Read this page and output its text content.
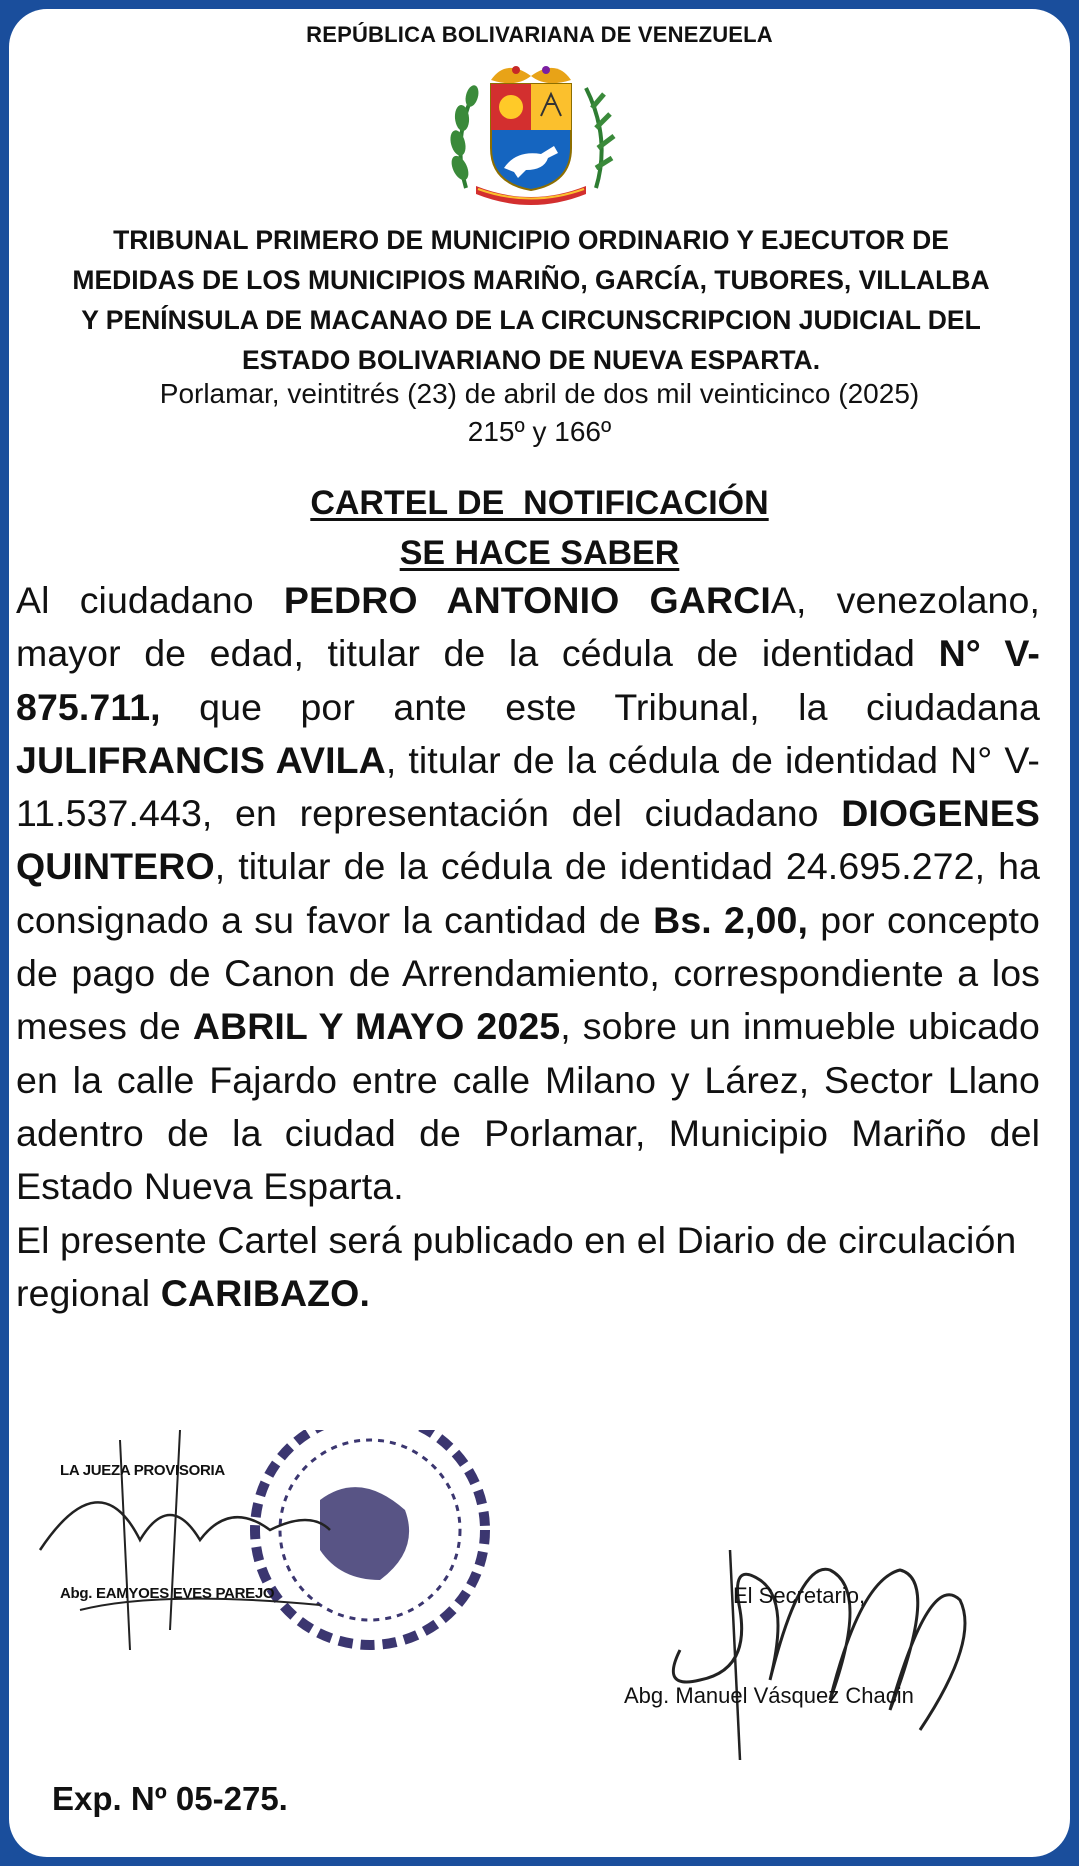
REPÚBLICA BOLIVARIANA DE VENEZUELA
TRIBUNAL PRIMERO DE MUNICIPIO ORDINARIO Y EJECUTOR DE
MEDIDAS DE LOS MUNICIPIOS MARIÑO, GARCÍA, TUBORES, VILLALBA
Y PENÍNSULA DE MACANAO DE LA CIRCUNSCRIPCION JUDICIAL DEL
ESTADO BOLIVARIANO DE NUEVA ESPARTA.
Porlamar, veintitrés (23) de abril de dos mil veinticinco (2025)
215º y 166º
CARTEL DE  NOTIFICACIÓN
SE HACE SABER
Al ciudadano PEDRO ANTONIO GARCIA, venezolano, mayor de edad, titular de la cédula de identidad N° V-875.711, que por ante este Tribunal, la ciudadana JULIFRANCIS AVILA, titular de la cédula de identidad N° V-11.537.443, en representación del ciudadano DIOGENES QUINTERO, titular de la cédula de identidad 24.695.272, ha consignado a su favor la cantidad de Bs. 2,00, por concepto de pago de Canon de Arrendamiento, correspondiente a los meses de ABRIL Y MAYO 2025, sobre un inmueble ubicado en la calle Fajardo entre calle Milano y Lárez, Sector Llano adentro de la ciudad de Porlamar, Municipio Mariño del Estado Nueva Esparta.
El presente Cartel será publicado en el Diario de circulación regional CARIBAZO.
LA JUEZA PROVISORIA
Abg. EAMYOES EVES PAREJO	El Secretario,
Abg. Manuel Vásquez Chacin
Exp. Nº 05-275.
